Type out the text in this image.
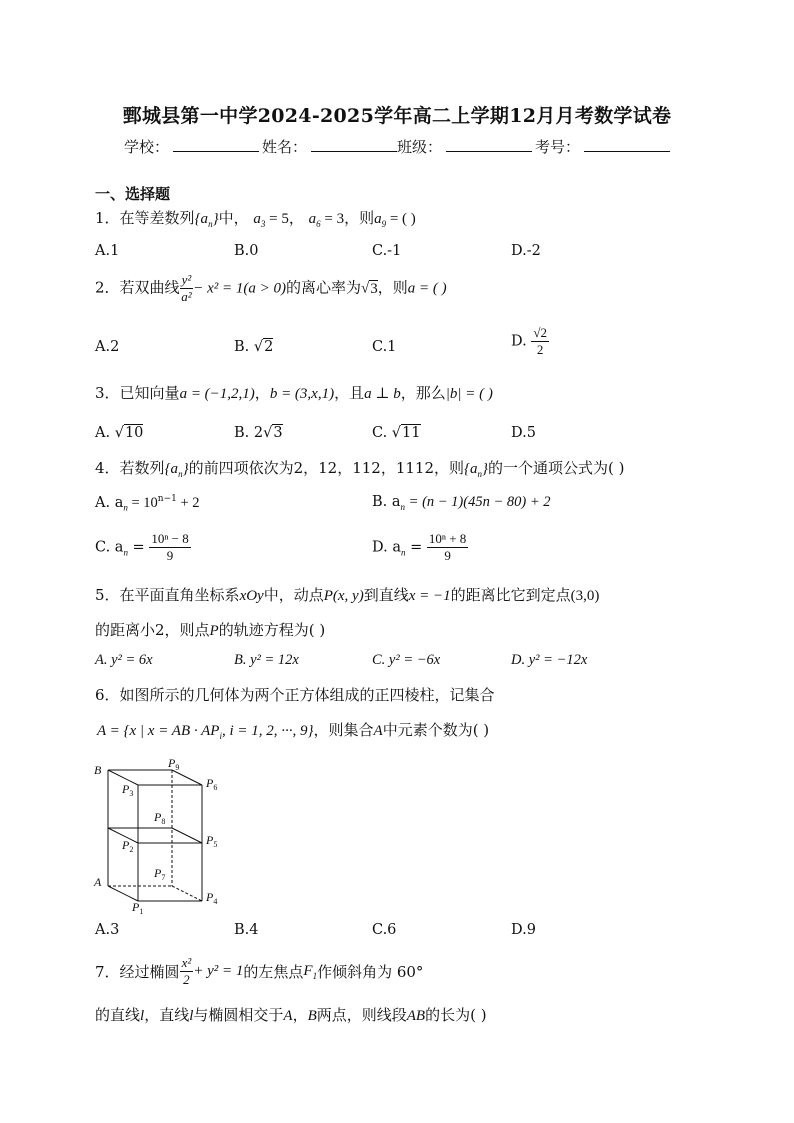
鄄城县第一中学2024-2025学年高二上学期12月月考数学试卷
学校：	姓名：	班级：	考号：
一、选择题
1．在等差数列$\{a_n\}$中， $a_3 = 5$， $a_6 = 3$，则$a_9$ = ( )
A.1	B.0	C.-1	D.-2
2．若双曲线 $\frac{\text{y²}}{\text{a²}} - x^2 = 1(a > 0)$的离心率为√3，则a = ( )
A.2	B. √2	C.1	D. $\frac{√2}{2}$
3．已知向量a = (−1,2,1)，b = (3,x,1)，且a ⊥ b，那么|b| = ( )
A. √10	B. 2√3	C. √11	D.5
4．若数列$\{a_n\}$的前四项依次为2，12，112，1112，则$\{a_n\}$的一个通项公式为( )
A. $a_n = 10^{n-1} + 2$	B. $a_n = (n - 1)(45n - 80) + 2$
C. $a_n = \frac{\text{10ⁿ − 8}}{9}$	D. $a_n = \frac{\text{10ⁿ + 8}}{9}$
5．在平面直角坐标系xOy中，动点P(x, y)到直线x = −1的距离比它到定点(3,0)
的距离小2，则点P的轨迹方程为( )
A. y² = 6x	B. y² = 12x	C. y² = −6x	D. y² = −12x
6．如图所示的几何体为两个正方体组成的正四棱柱，记集合
A = {x | x = AB · $AP_i$, i = 1, 2, ···, 9}，则集合A中元素个数为( )
B	$P_9$
$P_3$
$P_6$
$P_8$
$P_2$
$P_5$
A
$P_7$
$P_1$
$P_4$
A.3	B.4	C.6	D.9
7．经过椭圆 $\frac{\text{x²}}{2} + y^2 = 1$的左焦点$F_1$作倾斜角为 60°
的直线l，直线l与椭圆相交于A，B两点，则线段AB的长为( )
